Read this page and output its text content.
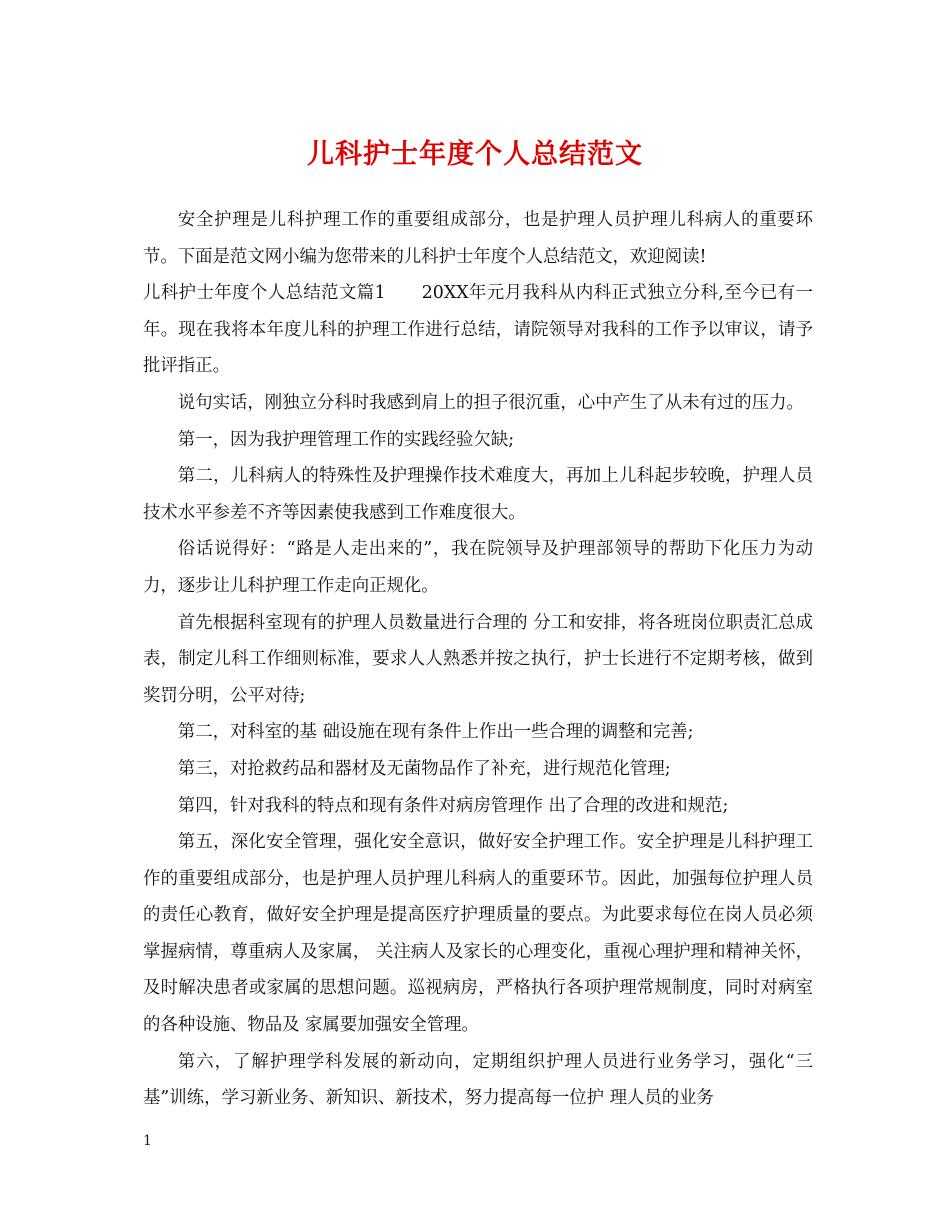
儿科护士年度个人总结范文

安全护理是儿科护理工作的重要组成部分，也是护理人员护理儿科病人的重要环节。下面是范文网小编为您带来的儿科护士年度个人总结范文，欢迎阅读!

儿科护士年度个人总结范文篇1　　20XX年元月我科从内科正式独立分科,至今已有一年。现在我将本年度儿科的护理工作进行总结，请院领导对我科的工作予以审议，请予批评指正。

说句实话，刚独立分科时我感到肩上的担子很沉重，心中产生了从未有过的压力。

第一，因为我护理管理工作的实践经验欠缺;

第二，儿科病人的特殊性及护理操作技术难度大，再加上儿科起步较晚，护理人员技术水平参差不齐等因素使我感到工作难度很大。

俗话说得好：“路是人走出来的”，我在院领导及护理部领导的帮助下化压力为动力，逐步让儿科护理工作走向正规化。

首先根据科室现有的护理人员数量进行合理的 分工和安排，将各班岗位职责汇总成表，制定儿科工作细则标准，要求人人熟悉并按之执行，护士长进行不定期考核，做到奖罚分明，公平对待;

第二，对科室的基 础设施在现有条件上作出一些合理的调整和完善;

第三，对抢救药品和器材及无菌物品作了补充，进行规范化管理;

第四，针对我科的特点和现有条件对病房管理作 出了合理的改进和规范;

第五，深化安全管理，强化安全意识，做好安全护理工作。安全护理是儿科护理工作的重要组成部分，也是护理人员护理儿科病人的重要环节。因此，加强每位护理人员的责任心教育，做好安全护理是提高医疗护理质量的要点。为此要求每位在岗人员必须掌握病情，尊重病人及家属， 关注病人及家长的心理变化，重视心理护理和精神关怀，及时解决患者或家属的思想问题。巡视病房，严格执行各项护理常规制度，同时对病室的各种设施、物品及 家属要加强安全管理。

第六，了解护理学科发展的新动向，定期组织护理人员进行业务学习，强化“三基”训练，学习新业务、新知识、新技术，努力提高每一位护 理人员的业务

1
